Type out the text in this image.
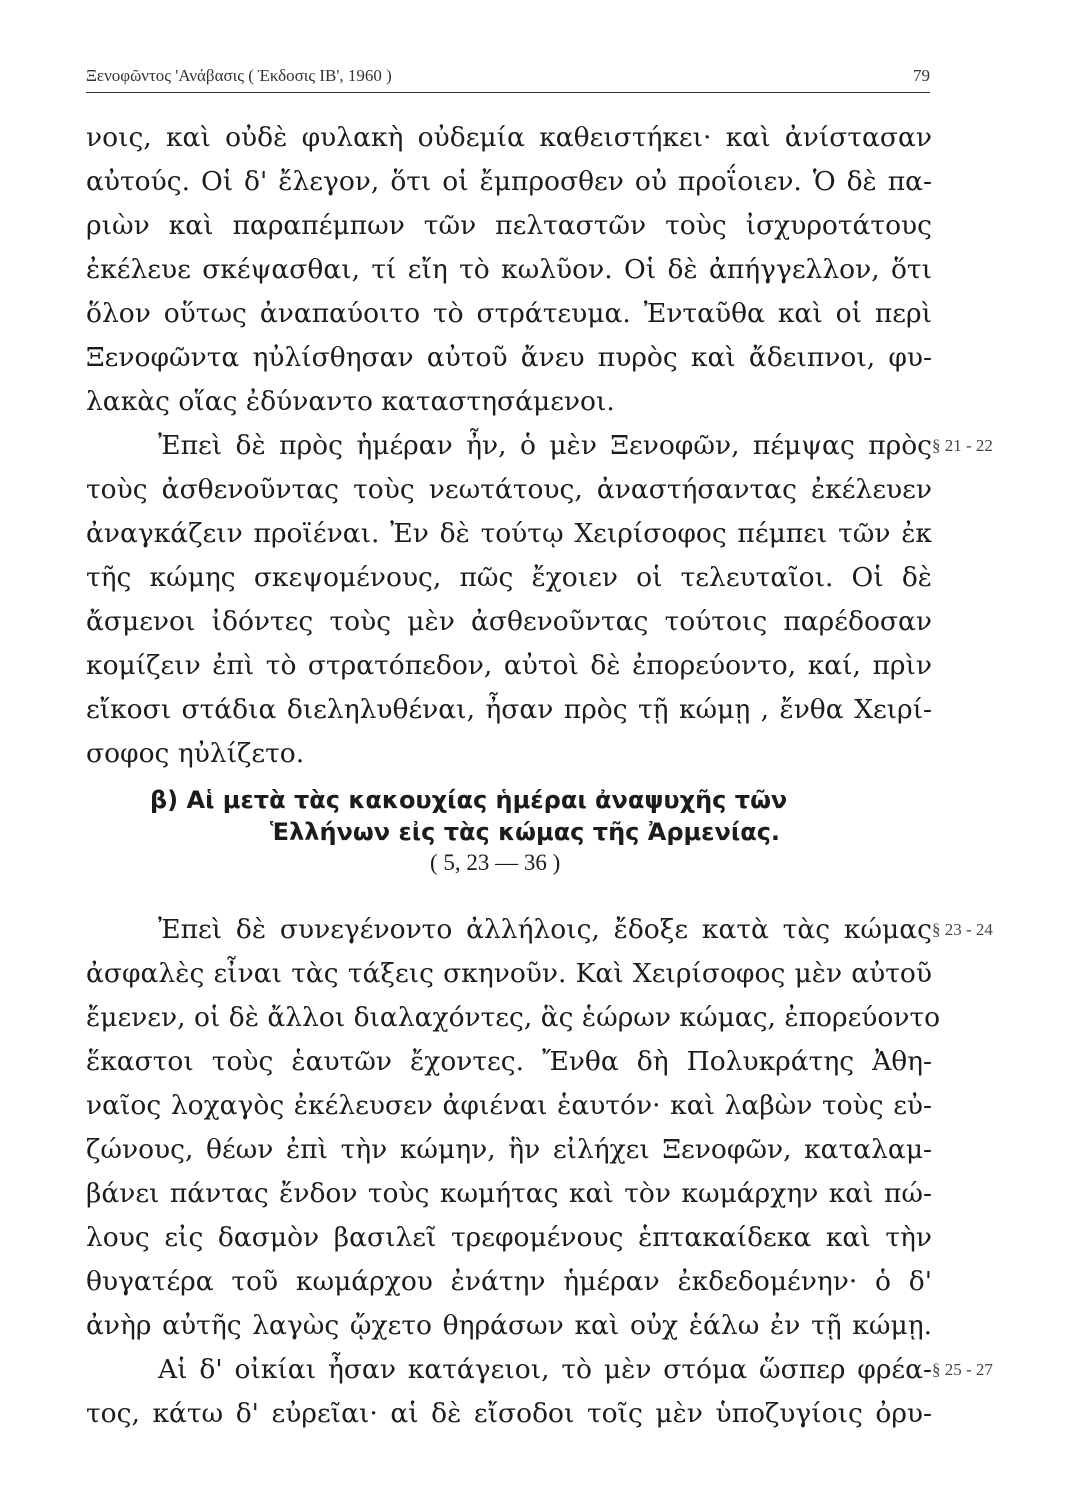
Ξενοφῶντος 'Ανάβασις ( Έκδοσις ΙΒ', 1960 )	79
νοις, καὶ οὐδὲ φυλακὴ οὐδεμία καθειστήκει· καὶ ἀνίστασαν
αὐτούς. Οἱ δ' ἔλεγον, ὅτι οἱ ἔμπροσθεν οὐ προΐοιεν. Ὁ δὲ πα-
ριὼν καὶ παραπέμπων τῶν πελταστῶν τοὺς ἰσχυροτάτους
ἐκέλευε σκέψασθαι, τί εἴη τὸ κωλῦον. Οἱ δὲ ἀπήγγελλον, ὅτι
ὅλον οὕτως ἀναπαύοιτο τὸ στράτευμα. Ἐνταῦθα καὶ οἱ περὶ
Ξενοφῶντα ηὐλίσθησαν αὐτοῦ ἄνευ πυρὸς καὶ ἄδειπνοι, φυ-
λακὰς οἵας ἐδύναντο καταστησάμενοι.
Ἐπεὶ δὲ πρὸς ἡμέραν ἦν, ὁ μὲν Ξενοφῶν, πέμψας πρὸς § 21 - 22
τοὺς ἀσθενοῦντας τοὺς νεωτάτους, ἀναστήσαντας ἐκέλευεν
ἀναγκάζειν προϊέναι. Ἐν δὲ τούτῳ Χειρίσοφος πέμπει τῶν ἐκ
τῆς κώμης σκεψομένους, πῶς ἔχοιεν οἱ τελευταῖοι. Οἱ δὲ
ἄσμενοι ἰδόντες τοὺς μὲν ἀσθενοῦντας τούτοις παρέδοσαν
κομίζειν ἐπὶ τὸ στρατόπεδον, αὐτοὶ δὲ ἐπορεύοντο, καί, πρὶν
εἴκοσι στάδια διεληλυθέναι, ἦσαν πρὸς τῇ κώμῃ , ἔνθα Χειρί-
σοφος ηὐλίζετο.
β) Αἱ μετὰ τὰς κακουχίας ἡμέραι ἀναψυχῆς τῶν
Ἑλλήνων εἰς τὰς κώμας τῆς Ἀρμενίας.
( 5, 23 — 36 )
Ἐπεὶ δὲ συνεγένοντο ἀλλήλοις, ἔδοξε κατὰ τὰς κώμας § 23 - 24
ἀσφαλὲς εἶναι τὰς τάξεις σκηνοῦν. Καὶ Χειρίσοφος μὲν αὐτοῦ
ἔμενεν, οἱ δὲ ἄλλοι διαλαχόντες, ἃς ἑώρων κώμας, ἐπορεύοντο
ἕκαστοι τοὺς ἑαυτῶν ἔχοντες. Ἔνθα δὴ Πολυκράτης Ἀθη-
ναῖος λοχαγὸς ἐκέλευσεν ἀφιέναι ἑαυτόν· καὶ λαβὼν τοὺς εὐ-
ζώνους, θέων ἐπὶ τὴν κώμην, ἣν εἰλήχει Ξενοφῶν, καταλαμ-
βάνει πάντας ἔνδον τοὺς κωμήτας καὶ τὸν κωμάρχην καὶ πώ-
λους εἰς δασμὸν βασιλεῖ τρεφομένους ἑπτακαίδεκα καὶ τὴν
θυγατέρα τοῦ κωμάρχου ἐνάτην ἡμέραν ἐκδεδομένην· ὁ δ'
ἀνὴρ αὐτῆς λαγὼς ᾤχετο θηράσων καὶ οὐχ ἑάλω ἐν τῇ κώμῃ.
Αἱ δ' οἰκίαι ἦσαν κατάγειοι, τὸ μὲν στόμα ὥσπερ φρέα- § 25 - 27
τος, κάτω δ' εὐρεῖαι· αἱ δὲ εἴσοδοι τοῖς μὲν ὑποζυγίοις ὀρυ-
